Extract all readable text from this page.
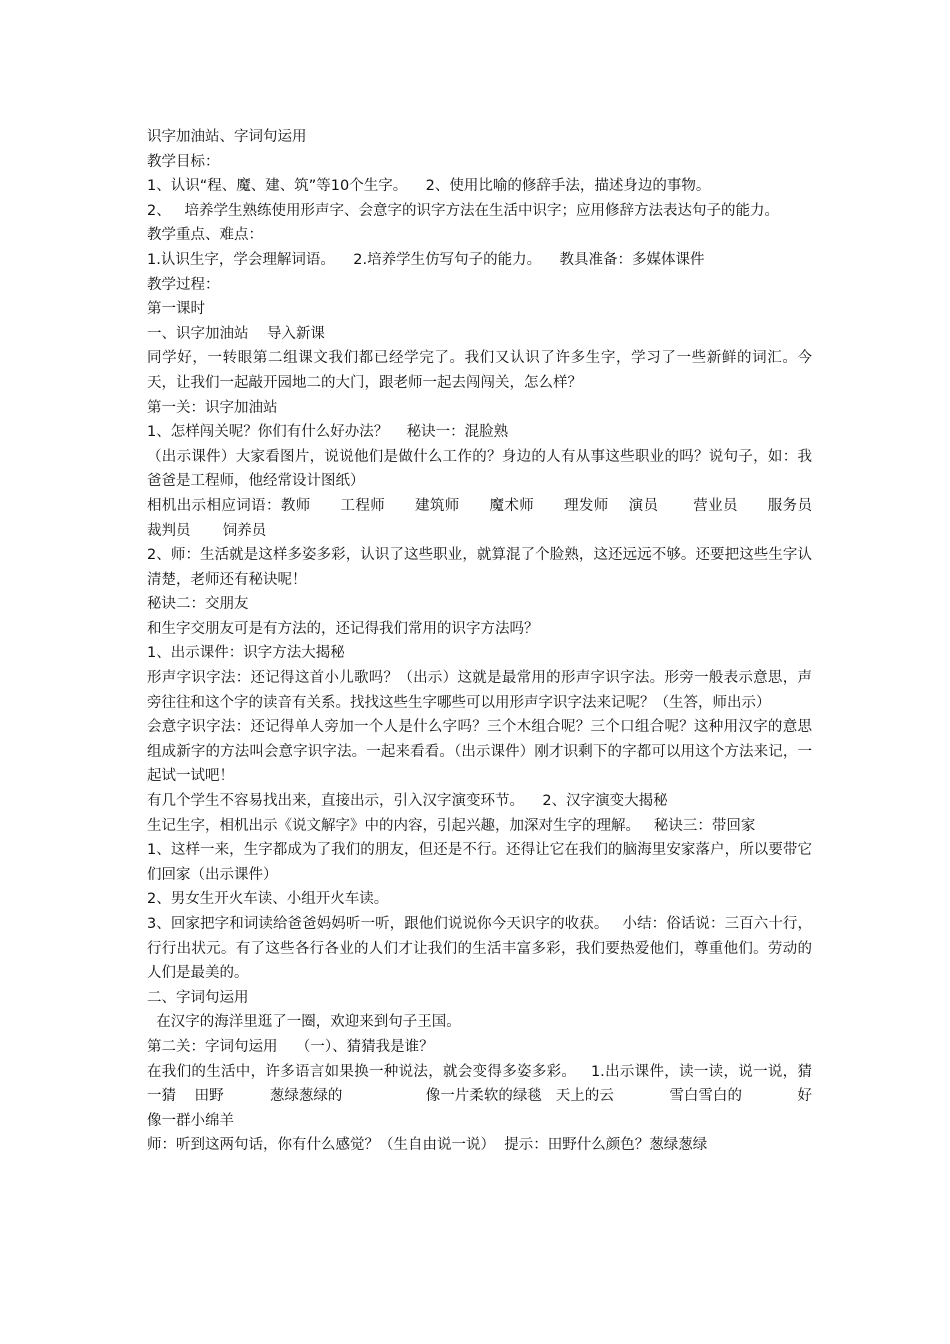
识字加油站、字词句运用

教学目标：

1、认识“程、魔、建、筑”等10个生字。    2、使用比喻的修辞手法，描述身边的事物。

2、   培养学生熟练使用形声字、会意字的识字方法在生活中识字；应用修辞方法表达句子的能力。

教学重点、难点：

1.认识生字，学会理解词语。    2.培养学生仿写句子的能力。    教具准备：多媒体课件

教学过程：

第一课时

一、识字加油站    导入新课

同学好，一转眼第二组课文我们都已经学完了。我们又认识了许多生字，学习了一些新鲜的词汇。今天，让我们一起敲开园地二的大门，跟老师一起去闯闯关，怎么样？

第一关：识字加油站

1、怎样闯关呢？你们有什么好办法？    秘诀一：混脸熟

（出示课件）大家看图片，说说他们是做什么工作的？身边的人有从事这些职业的吗？说句子，如：我爸爸是工程师，他经常设计图纸）

相机出示相应词语：教师      工程师      建筑师      魔术师      理发师    演员       营业员      服务员       裁判员       饲养员

2、师：生活就是这样多姿多彩，认识了这些职业，就算混了个脸熟，这还远远不够。还要把这些生字认清楚，老师还有秘诀呢！

秘诀二：交朋友

和生字交朋友可是有方法的，还记得我们常用的识字方法吗？

1、出示课件：识字方法大揭秘

形声字识字法：还记得这首小儿歌吗？（出示）这就是最常用的形声字识字法。形旁一般表示意思，声旁往往和这个字的读音有关系。找找这些生字哪些可以用形声字识字法来记呢？（生答，师出示）

会意字识字法：还记得单人旁加一个人是什么字吗？三个木组合呢？三个口组合呢？这种用汉字的意思组成新字的方法叫会意字识字法。一起来看看。（出示课件）刚才识剩下的字都可以用这个方法来记，一起试一试吧！

有几个学生不容易找出来，直接出示，引入汉字演变环节。    2、汉字演变大揭秘

生记生字，相机出示《说文解字》中的内容，引起兴趣，加深对生字的理解。   秘诀三：带回家

1、这样一来，生字都成为了我们的朋友，但还是不行。还得让它在我们的脑海里安家落户，所以要带它们回家（出示课件）

2、男女生开火车读、小组开火车读。

3、回家把字和词读给爸爸妈妈听一听，跟他们说说你今天识字的收获。   小结：俗话说：三百六十行，行行出状元。有了这些各行各业的人们才让我们的生活丰富多彩，我们要热爱他们，尊重他们。劳动的人们是最美的。

二、字词句运用

在汉字的海洋里逛了一圈，欢迎来到句子王国。

第二关：字词句运用    （一）、猜猜我是谁？

在我们的生活中，许多语言如果换一种说法，就会变得多姿多彩。   1.出示课件，读一读，说一说，猜一猜    田野          葱绿葱绿的                  像一片柔软的绿毯   天上的云            雪白雪白的            好像一群小绵羊

师：听到这两句话，你有什么感觉？（生自由说一说）  提示：田野什么颜色？葱绿葱绿
